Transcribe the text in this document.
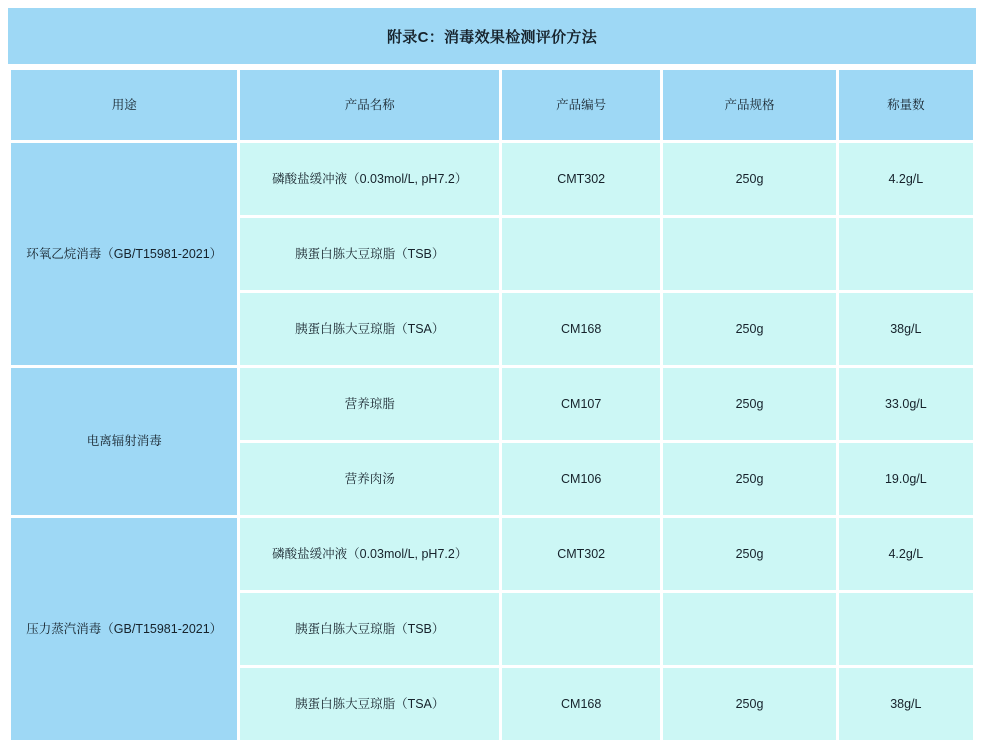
附录C：消毒效果检测评价方法
用途	产品名称	产品编号	产品规格	称量数
环氧乙烷消毒（GB/T15981-2021）	磷酸盐缓冲液（0.03mol/L, pH7.2）	CMT302	250g	4.2g/L
	胰蛋白胨大豆琼脂（TSB）			
	胰蛋白胨大豆琼脂（TSA）	CM168	250g	38g/L
电离辐射消毒	营养琼脂	CM107	250g	33.0g/L
	营养肉汤	CM106	250g	19.0g/L
压力蒸汽消毒（GB/T15981-2021）	磷酸盐缓冲液（0.03mol/L, pH7.2）	CMT302	250g	4.2g/L
	胰蛋白胨大豆琼脂（TSB）			
	胰蛋白胨大豆琼脂（TSA）	CM168	250g	38g/L
